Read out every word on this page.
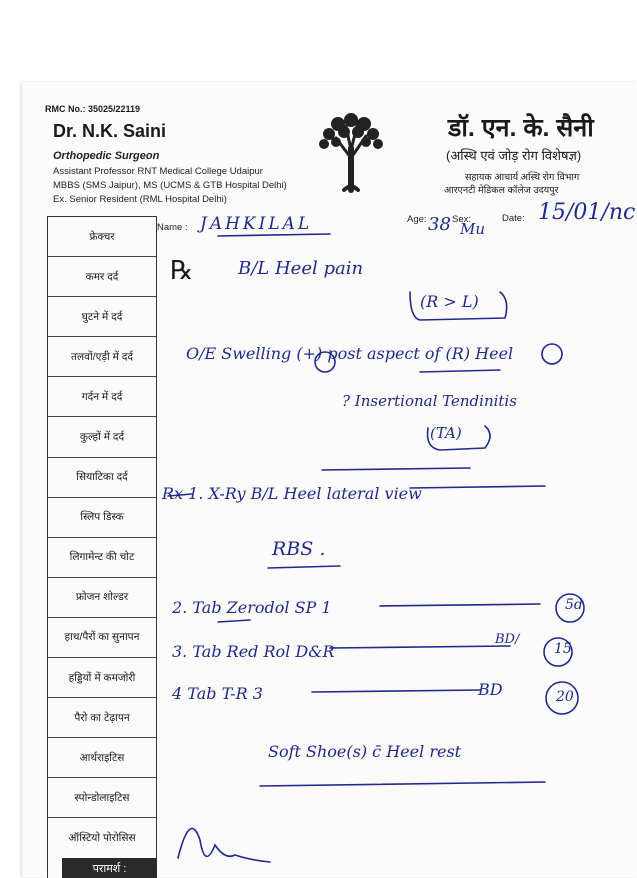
RMC No.: 35025/22119
Dr. N.K. Saini
Orthopedic Surgeon
Assistant Professor RNT Medical College Udaipur
MBBS (SMS Jaipur), MS (UCMS & GTB Hospital Delhi)
Ex. Senior Resident (RML Hospital Delhi)
डॉ. एन. के. सैनी
(अस्थि एवं जोड़ रोग विशेषज्ञ)
सहायक आचार्य अस्थि रोग विभाग
आरएनटी मेडिकल कॉलेज उदयपुर
Name :
Age:	Sex:	Date:
JAHKILAL	38 Mu
15/01/nc
फ्रेक्चर
कमर दर्द
घुटने में दर्द
तलवों/एड़ी में दर्द
गर्दन में दर्द
कुल्हों में दर्द
सियाटिका दर्द
स्लिप डिस्क
लिगामेन्ट की चोट
फ्रोजन शोल्डर
हाथ/पैरों का सुनापन
हड्डियों में कमजोरी
पैरो का टेढ़ापन
आर्थराइटिस
स्पोन्डोलाइटिस
ऑस्टियो पोरोसिस
परामर्श :
℞ B/L Heel pain
(R > L)
O/E Swelling (+) post aspect of (R) Heel
? Insertional Tendinitis
(TA)
Rx 1. X-Ry B/L Heel lateral view
RBS .
2. Tab Zerodol SP 1
3. Tab Red Rol D&R
BD/
4 Tab T-R 3	BD
Soft Shoe(s) c̄ Heel rest
5d
15
20
